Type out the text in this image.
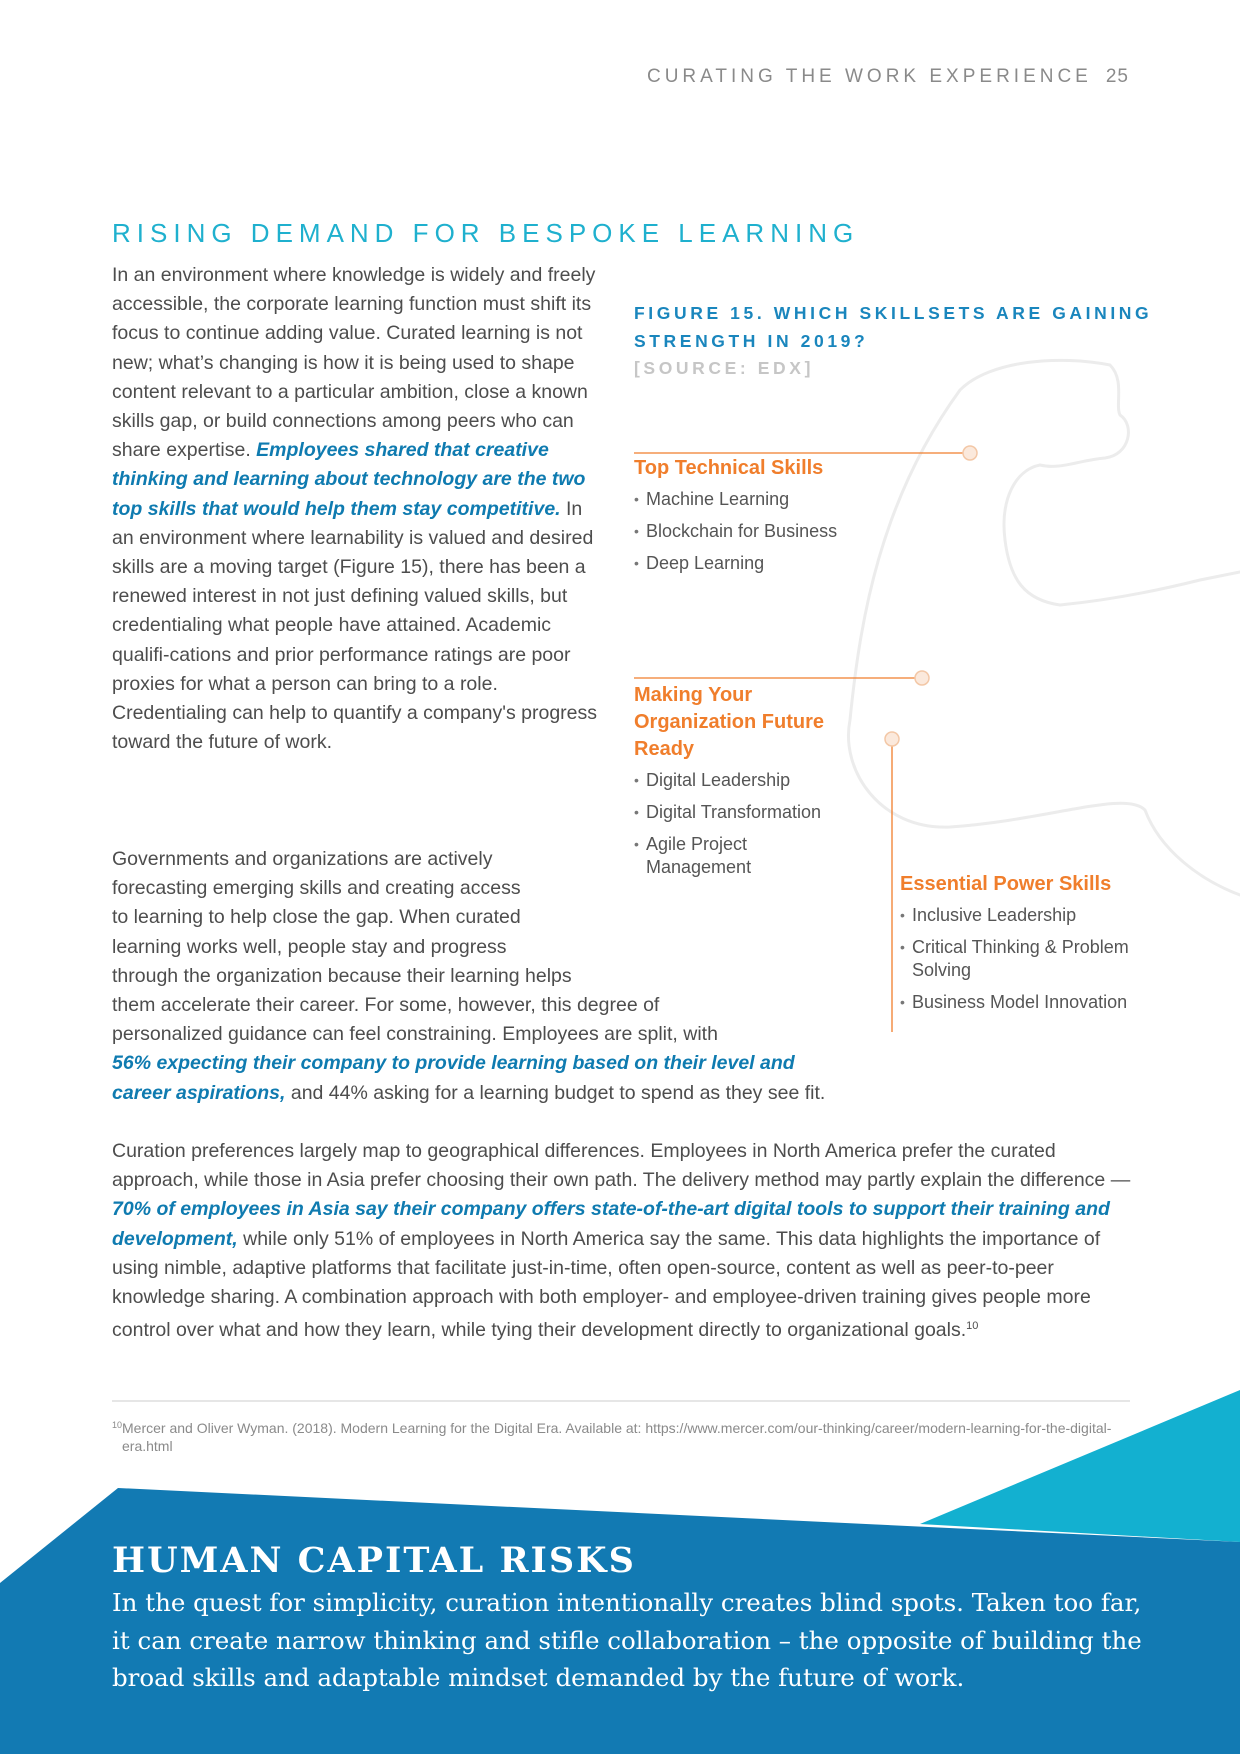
CURATING THE WORK EXPERIENCE 25
RISING DEMAND FOR BESPOKE LEARNING
In an environment where knowledge is widely and freely accessible, the corporate learning function must shift its focus to continue adding value. Curated learning is not new; what’s changing is how it is being used to shape content relevant to a particular ambition, close a known skills gap, or build connections among peers who can share expertise. Employees shared that creative thinking and learning about technology are the two top skills that would help them stay competitive. In an environment where learnability is valued and desired skills are a moving target (Figure 15), there has been a renewed interest in not just defining valued skills, but credentialing what people have attained. Academic qualifi-cations and prior performance ratings are poor proxies for what a person can bring to a role. Credentialing can help to quantify a company's progress toward the future of work.
Governments and organizations are actively
forecasting emerging skills and creating access
to learning to help close the gap. When curated
learning works well, people stay and progress
through the organization because their learning helps
them accelerate their career. For some, however, this degree of
personalized guidance can feel constraining. Employees are split, with
56% expecting their company to provide learning based on their level and
career aspirations, and 44% asking for a learning budget to spend as they see fit.
Curation preferences largely map to geographical differences. Employees in North America prefer the curated approach, while those in Asia prefer choosing their own path. The delivery method may partly explain the difference — 70% of employees in Asia say their company offers state-of-the-art digital tools to support their training and development, while only 51% of employees in North America say the same. This data highlights the importance of using nimble, adaptive platforms that facilitate just-in-time, often open-source, content as well as peer-to-peer knowledge sharing. A combination approach with both employer- and employee-driven training gives people more control over what and how they learn, while tying their development directly to organizational goals.$^{10}$
FIGURE 15. WHICH SKILLSETS ARE GAINING STRENGTH IN 2019?
[SOURCE: EDX]
Top Technical Skills
• Machine Learning
• Blockchain for Business
• Deep Learning
Making Your Organization Future Ready
• Digital Leadership
• Digital Transformation
• Agile Project Management
Essential Power Skills
• Inclusive Leadership
• Critical Thinking & Problem Solving
• Business Model Innovation
$^{10}$Mercer and Oliver Wyman. (2018). Modern Learning for the Digital Era. Available at: https://www.mercer.com/our-thinking/career/modern-learning-for-the-digital-era.html
HUMAN CAPITAL RISKS
In the quest for simplicity, curation intentionally creates blind spots. Taken too far, it can create narrow thinking and stifle collaboration – the opposite of building the broad skills and adaptable mindset demanded by the future of work.
